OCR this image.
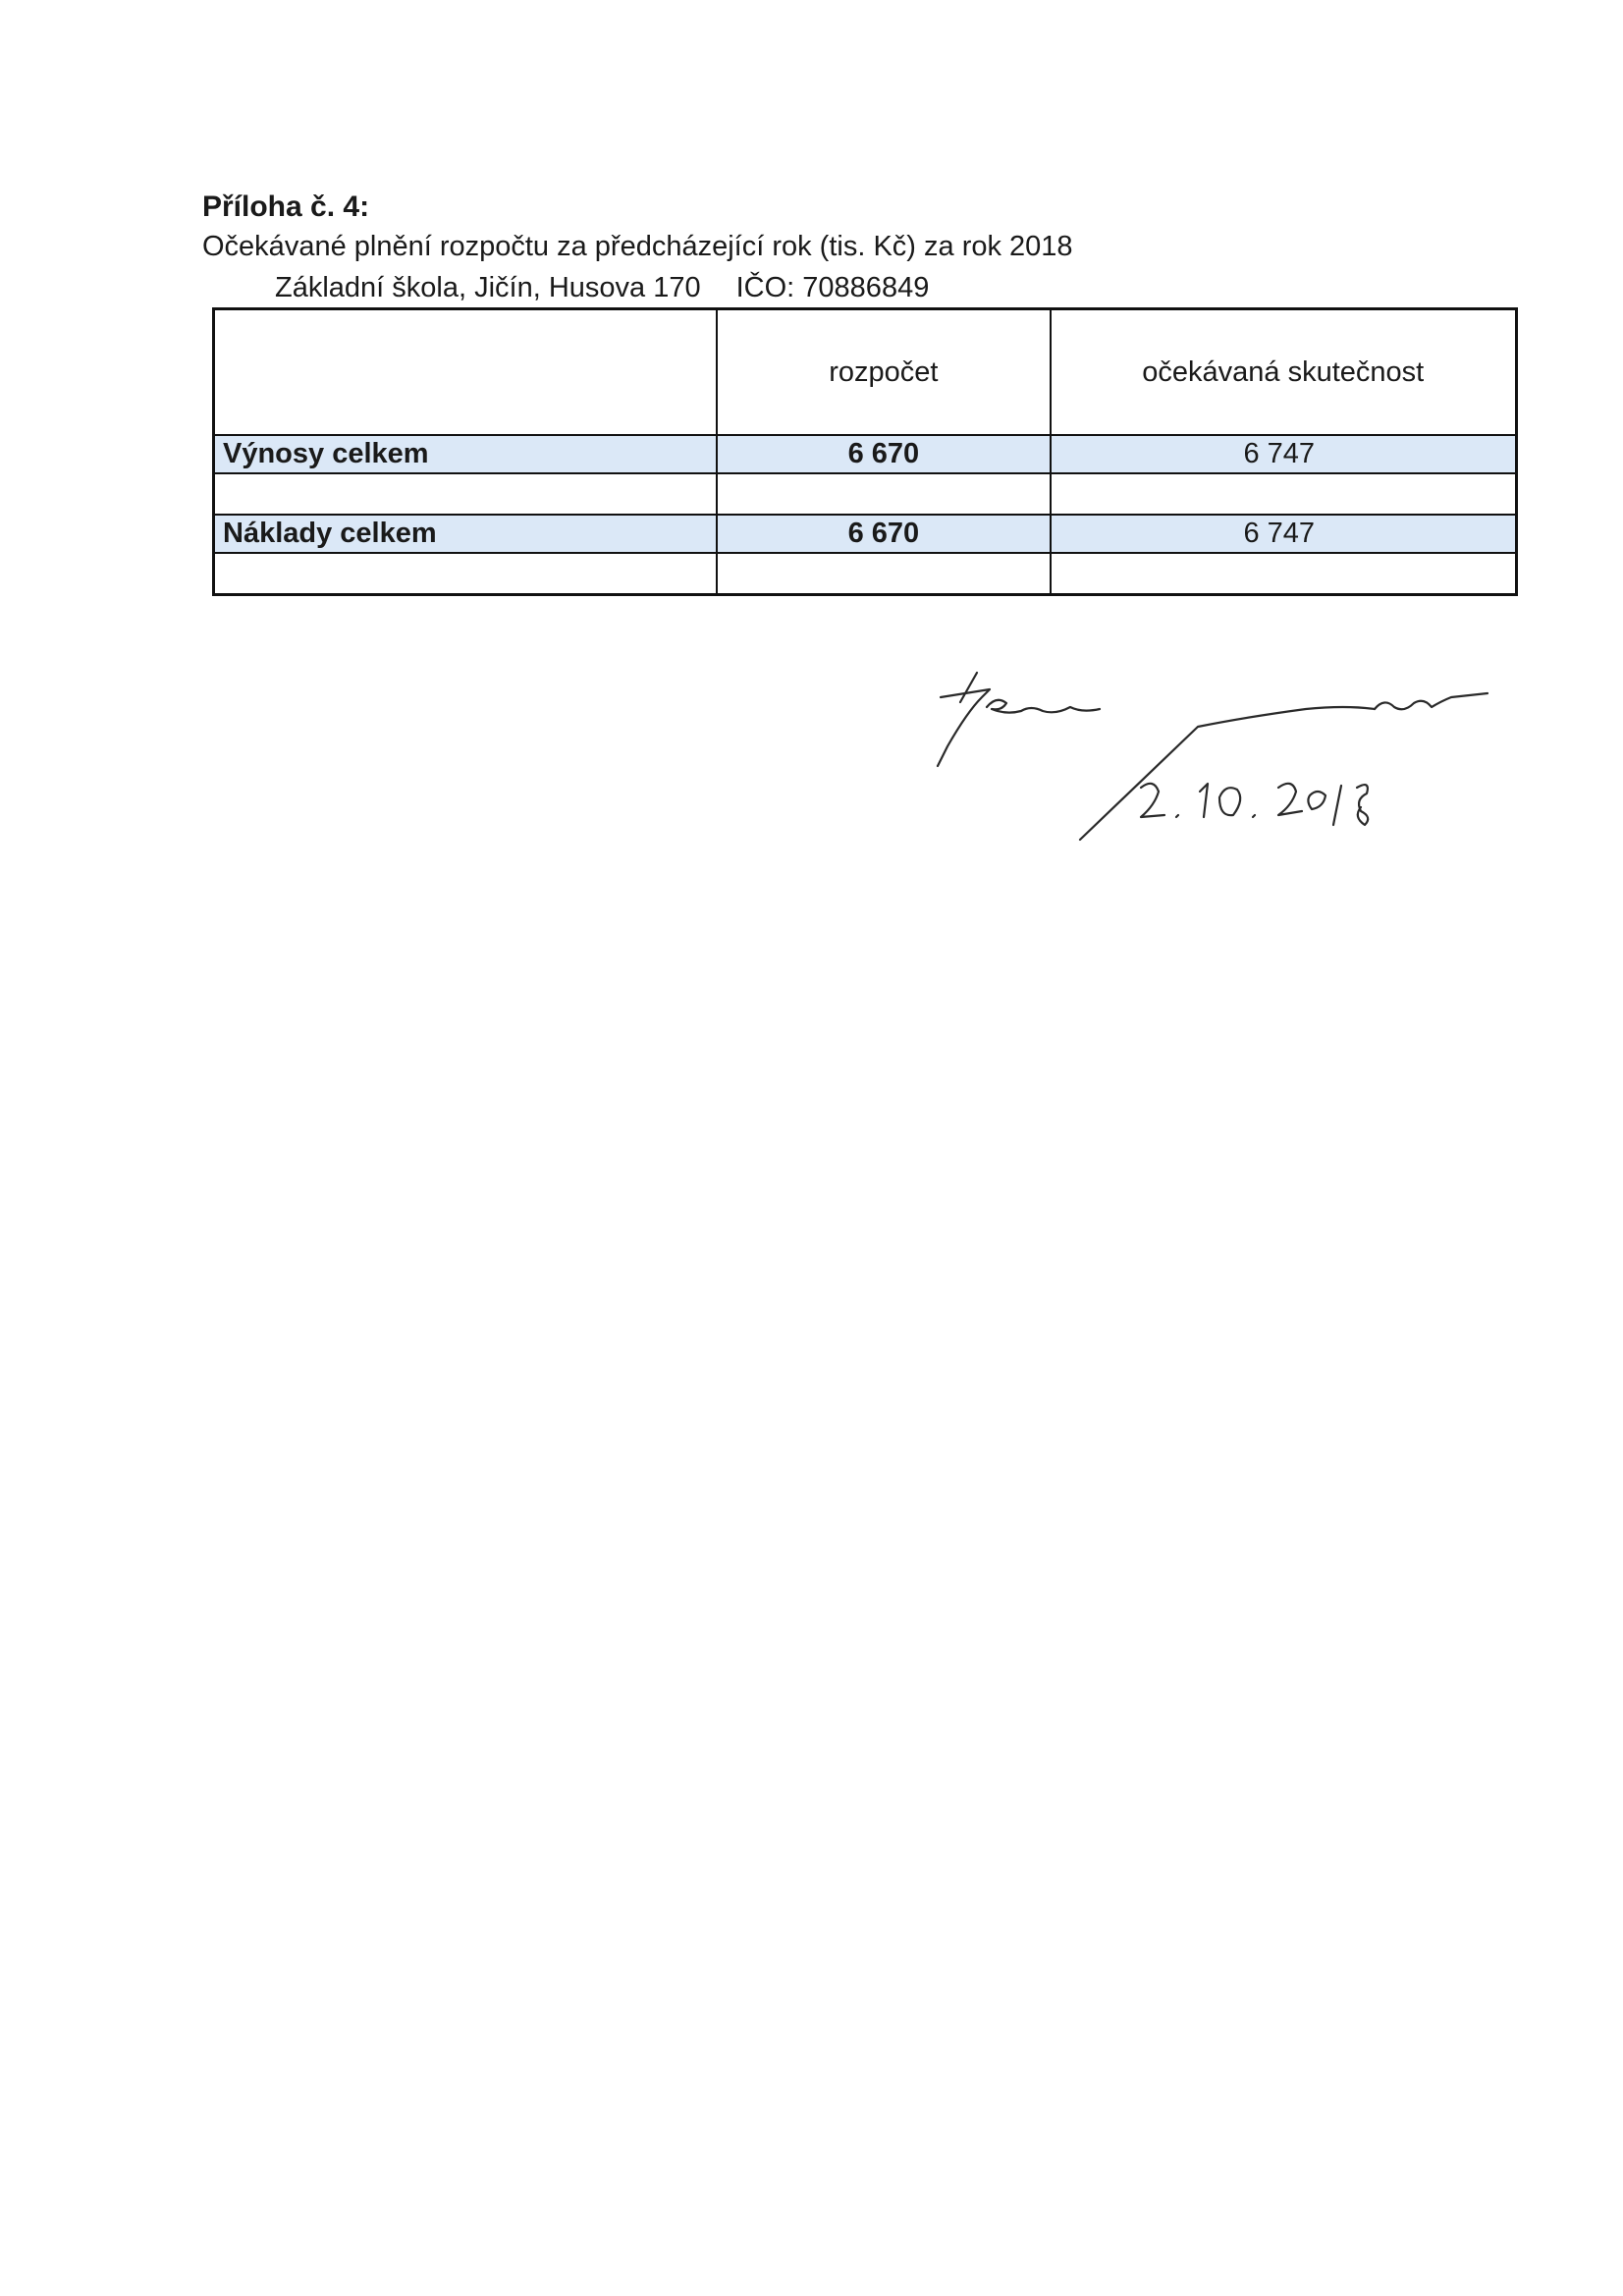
Příloha č. 4:

Očekávané plnění rozpočtu za předcházející rok (tis. Kč) za rok 2018

Základní škola, Jičín, Husova 170 IČO: 70886849

	rozpočet	očekávaná skutečnost
Výnosy celkem	6 670	6 747

Náklady celkem	6 670	6 747
